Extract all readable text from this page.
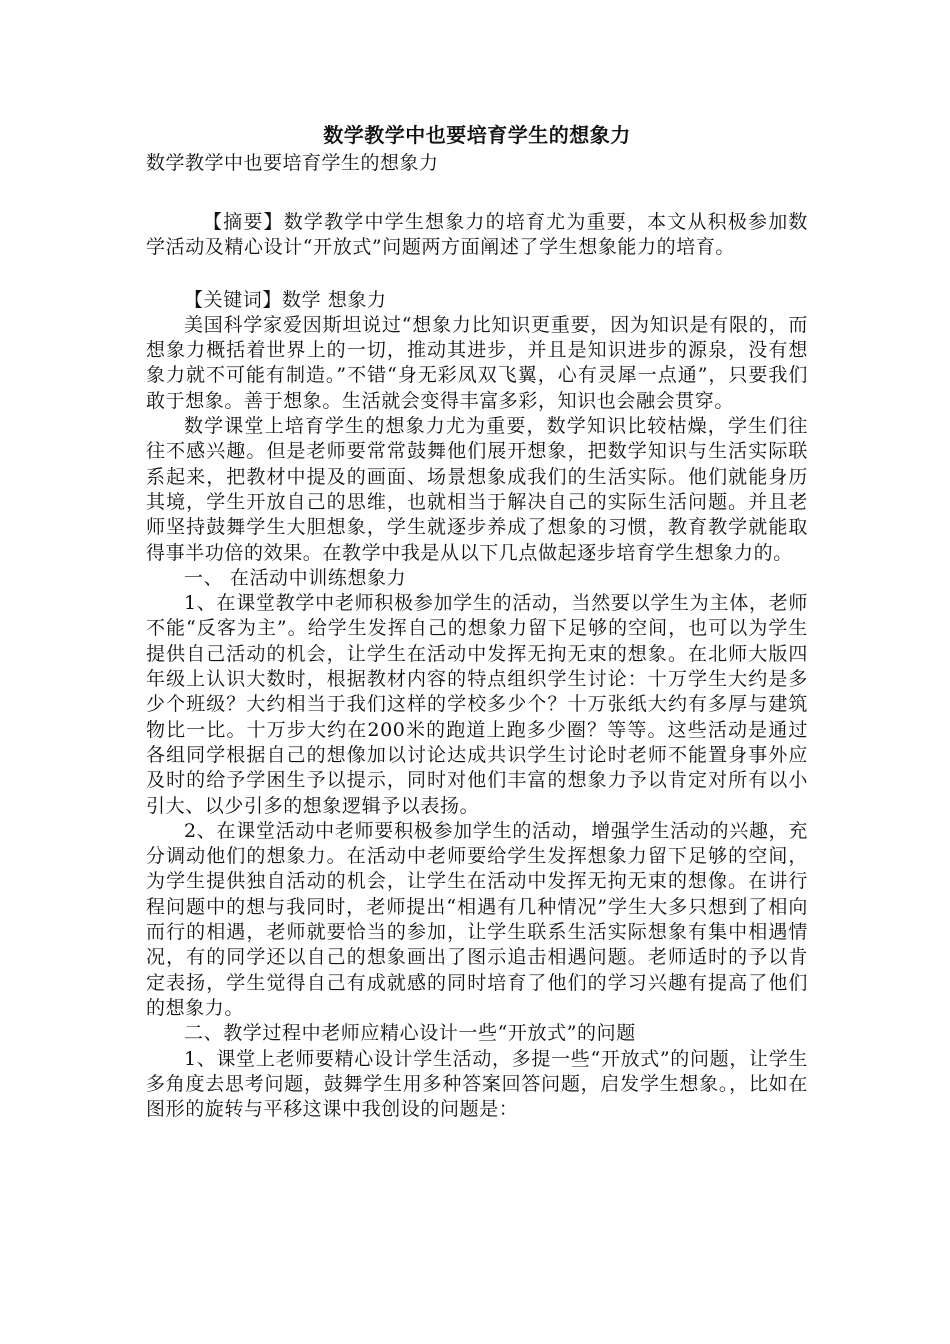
数学教学中也要培育学生的想象力
数学教学中也要培育学生的想象力

【摘要】数学教学中学生想象力的培育尤为重要，本文从积极参加数学活动及精心设计“开放式”问题两方面阐述了学生想象能力的培育。

【关键词】数学 想象力

美国科学家爱因斯坦说过“想象力比知识更重要，因为知识是有限的，而想象力概括着世界上的一切，推动其进步，并且是知识进步的源泉，没有想象力就不可能有制造。”不错“身无彩凤双飞翼，心有灵犀一点通”，只要我们敢于想象。善于想象。生活就会变得丰富多彩，知识也会融会贯穿。

数学课堂上培育学生的想象力尤为重要，数学知识比较枯燥，学生们往往不感兴趣。但是老师要常常鼓舞他们展开想象，把数学知识与生活实际联系起来，把教材中提及的画面、场景想象成我们的生活实际。他们就能身历其境，学生开放自己的思维，也就相当于解决自己的实际生活问题。并且老师坚持鼓舞学生大胆想象，学生就逐步养成了想象的习惯，教育教学就能取得事半功倍的效果。在教学中我是从以下几点做起逐步培育学生想象力的。

一、 在活动中训练想象力

1、在课堂教学中老师积极参加学生的活动，当然要以学生为主体，老师不能“反客为主”。给学生发挥自己的想象力留下足够的空间，也可以为学生提供自己活动的机会，让学生在活动中发挥无拘无束的想象。在北师大版四年级上认识大数时，根据教材内容的特点组织学生讨论：十万学生大约是多少个班级？大约相当于我们这样的学校多少个？十万张纸大约有多厚与建筑物比一比。十万步大约在200米的跑道上跑多少圈？等等。这些活动是通过各组同学根据自己的想像加以讨论达成共识学生讨论时老师不能置身事外应及时的给予学困生予以提示，同时对他们丰富的想象力予以肯定对所有以小引大、以少引多的想象逻辑予以表扬。

2、在课堂活动中老师要积极参加学生的活动，增强学生活动的兴趣，充分调动他们的想象力。在活动中老师要给学生发挥想象力留下足够的空间，为学生提供独自活动的机会，让学生在活动中发挥无拘无束的想像。在讲行程问题中的想与我同时，老师提出“相遇有几种情况”学生大多只想到了相向而行的相遇，老师就要恰当的参加，让学生联系生活实际想象有集中相遇情况，有的同学还以自己的想象画出了图示追击相遇问题。老师适时的予以肯定表扬，学生觉得自己有成就感的同时培育了他们的学习兴趣有提高了他们的想象力。

二、教学过程中老师应精心设计一些“开放式”的问题

1、课堂上老师要精心设计学生活动，多提一些“开放式”的问题，让学生多角度去思考问题，鼓舞学生用多种答案回答问题，启发学生想象。，比如在图形的旋转与平移这课中我创设的问题是：
